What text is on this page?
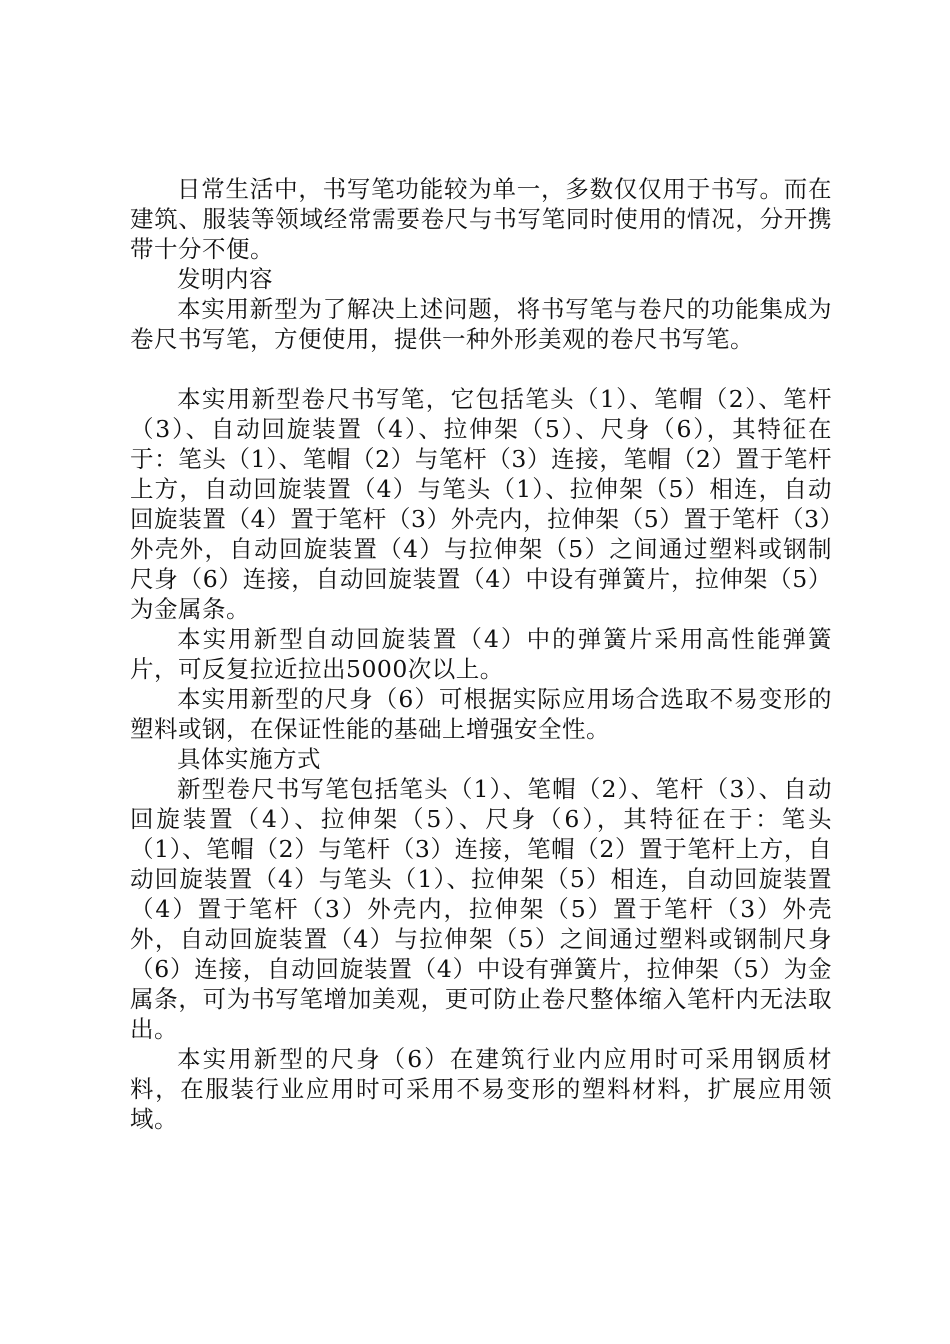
日常生活中，书写笔功能较为单一，多数仅仅用于书写。而在建筑、服装等领域经常需要卷尺与书写笔同时使用的情况，分开携带十分不便。

发明内容

本实用新型为了解决上述问题，将书写笔与卷尺的功能集成为卷尺书写笔，方便使用，提供一种外形美观的卷尺书写笔。

本实用新型卷尺书写笔，它包括笔头（1）、笔帽（2）、笔杆（3）、自动回旋装置（4）、拉伸架（5）、尺身（6），其特征在于：笔头（1）、笔帽（2）与笔杆（3）连接，笔帽（2）置于笔杆上方，自动回旋装置（4）与笔头（1）、拉伸架（5）相连，自动回旋装置（4）置于笔杆（3）外壳内，拉伸架（5）置于笔杆（3）外壳外，自动回旋装置（4）与拉伸架（5）之间通过塑料或钢制尺身（6）连接，自动回旋装置（4）中设有弹簧片，拉伸架（5）为金属条。

本实用新型自动回旋装置（4）中的弹簧片采用高性能弹簧片，可反复拉近拉出5000次以上。

本实用新型的尺身（6）可根据实际应用场合选取不易变形的塑料或钢，在保证性能的基础上增强安全性。

具体实施方式

新型卷尺书写笔包括笔头（1）、笔帽（2）、笔杆（3）、自动回旋装置（4）、拉伸架（5）、尺身（6），其特征在于：笔头（1）、笔帽（2）与笔杆（3）连接，笔帽（2）置于笔杆上方，自动回旋装置（4）与笔头（1）、拉伸架（5）相连，自动回旋装置（4）置于笔杆（3）外壳内，拉伸架（5）置于笔杆（3）外壳外，自动回旋装置（4）与拉伸架（5）之间通过塑料或钢制尺身（6）连接，自动回旋装置（4）中设有弹簧片，拉伸架（5）为金属条，可为书写笔增加美观，更可防止卷尺整体缩入笔杆内无法取出。

本实用新型的尺身（6）在建筑行业内应用时可采用钢质材料，在服装行业应用时可采用不易变形的塑料材料，扩展应用领域。
